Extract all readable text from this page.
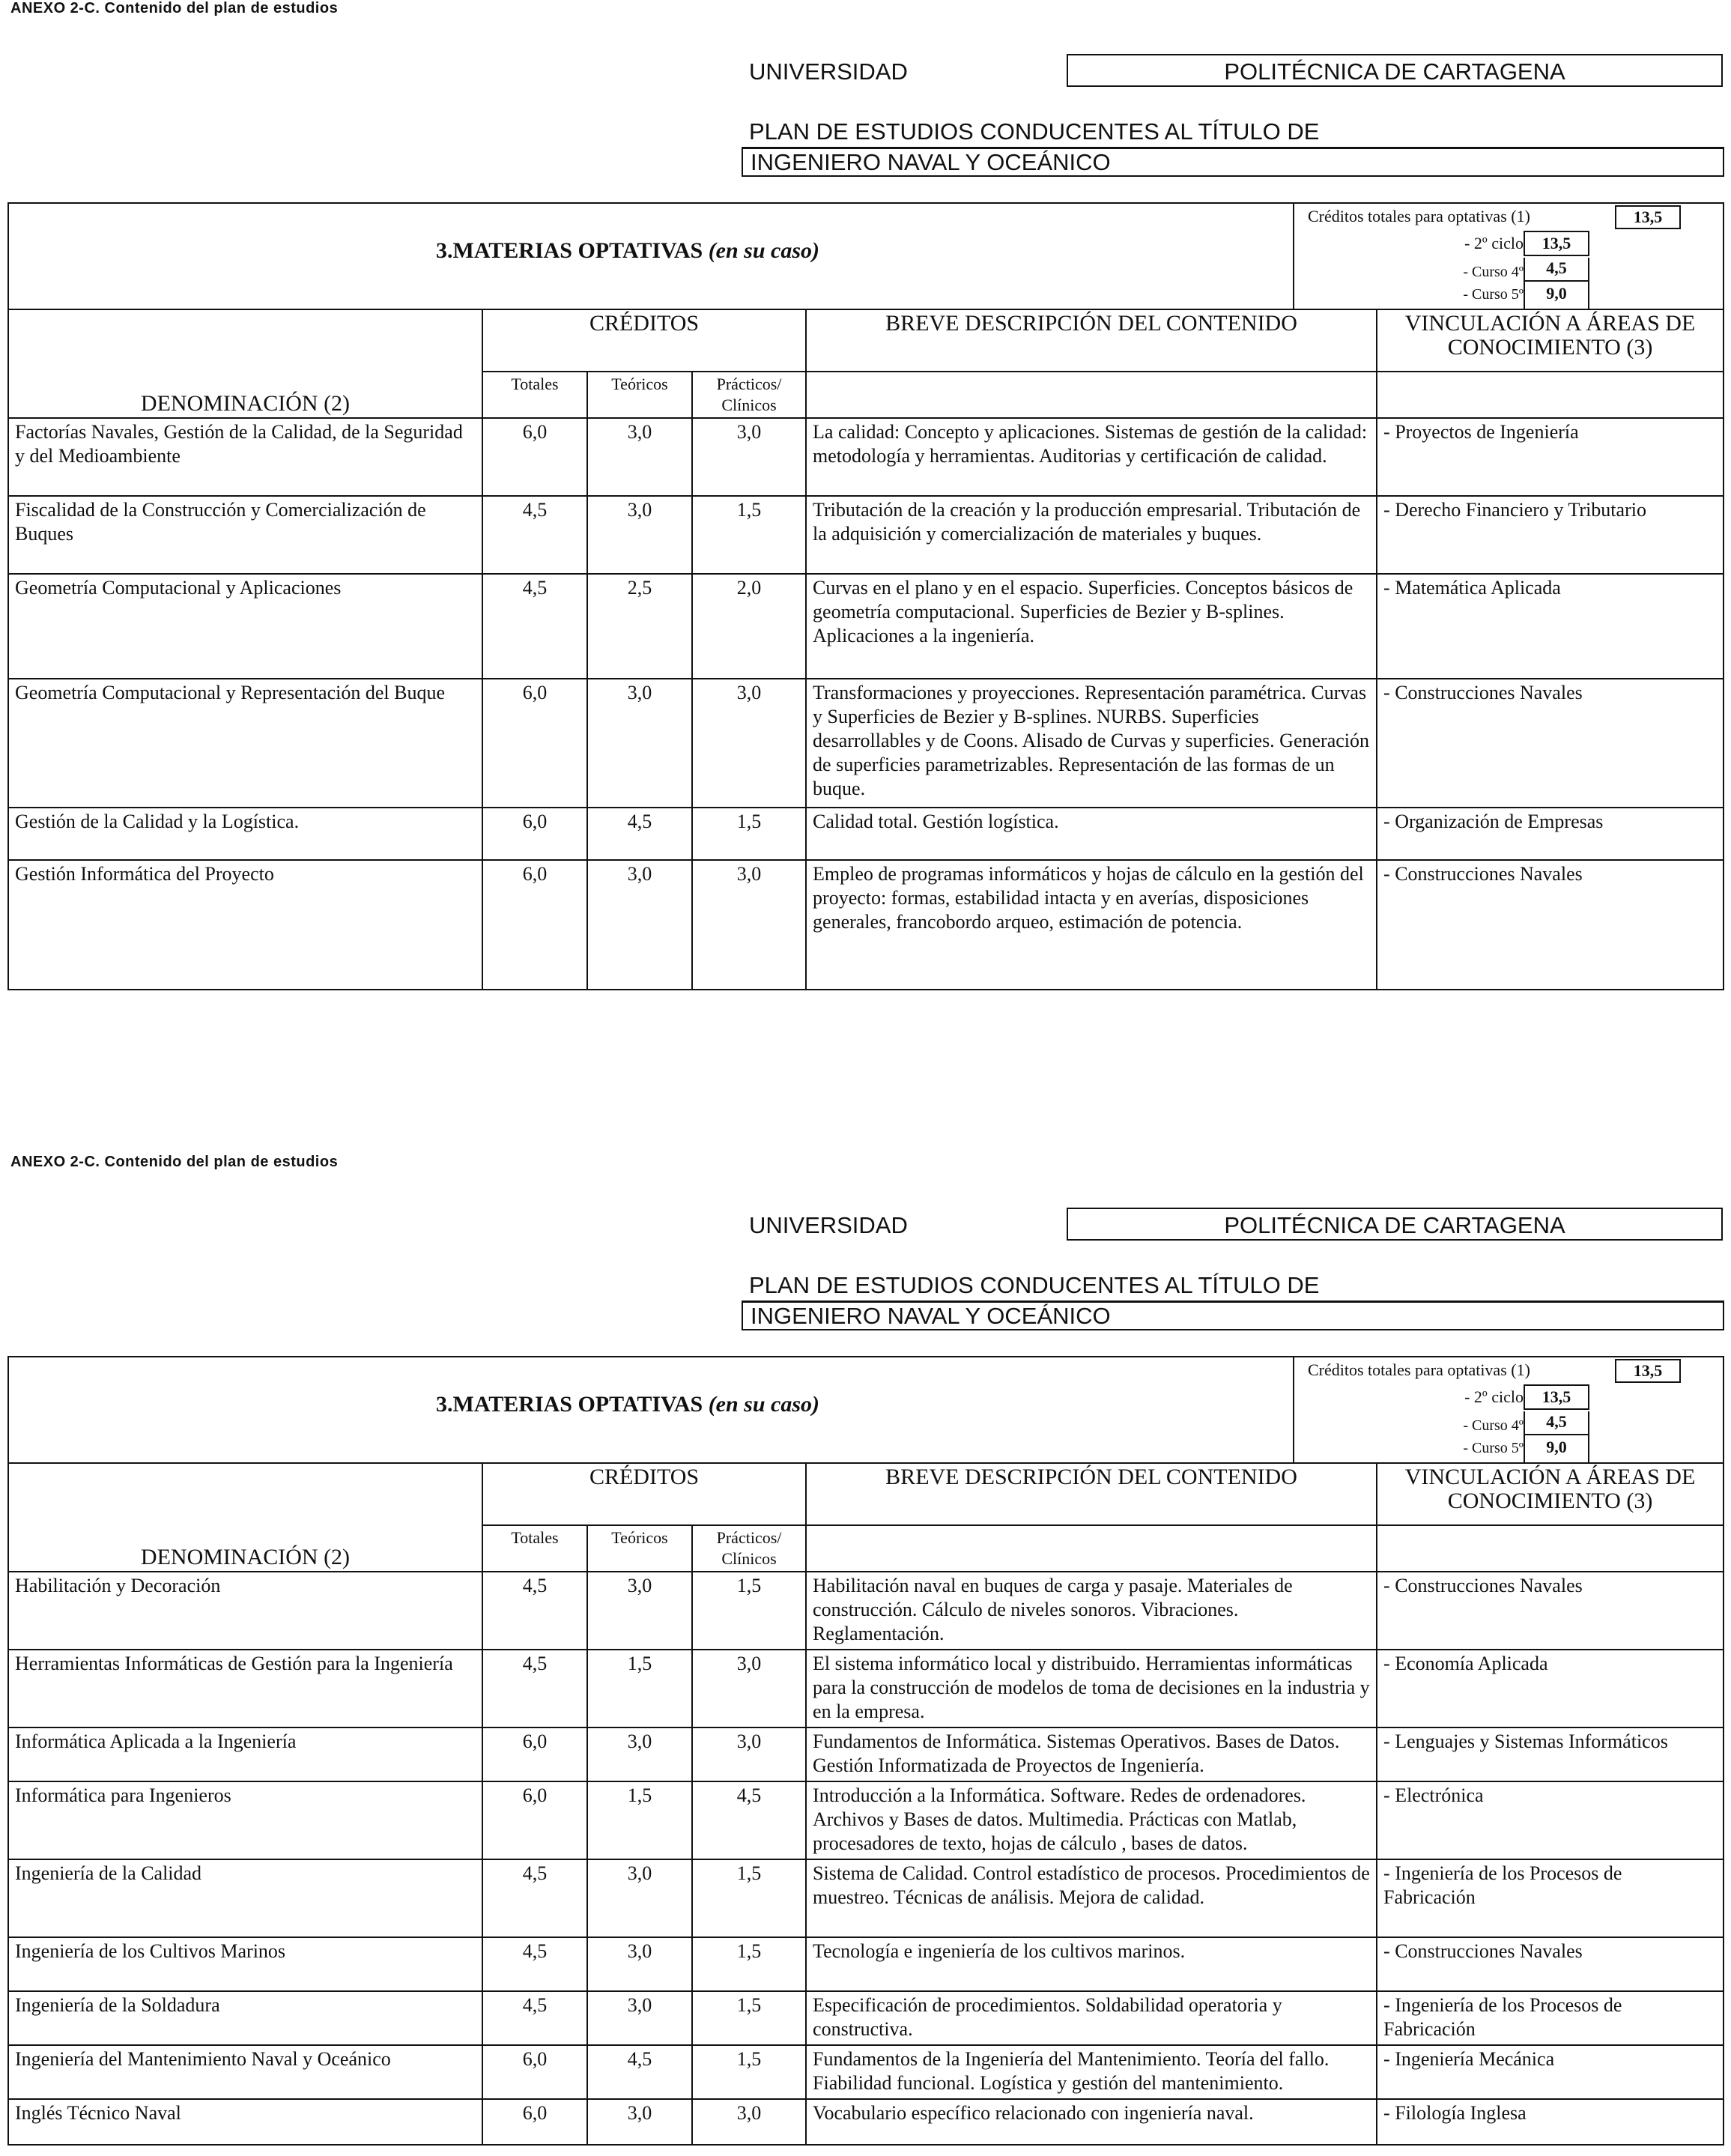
ANEXO 2-C. Contenido del plan de estudios
UNIVERSIDAD	POLITÉCNICA DE CARTAGENA
PLAN DE ESTUDIOS CONDUCENTES AL TÍTULO DE
INGENIERO NAVAL Y OCEÁNICO
3.MATERIAS OPTATIVAS (en su caso)
Créditos totales para optativas (1)	13,5
- 2º ciclo	13,5
- Curso 4º	4,5
- Curso 5º	9,0
DENOMINACIÓN (2)	CRÉDITOS			BREVE DESCRIPCIÓN DEL CONTENIDO	VINCULACIÓN A ÁREAS DE CONOCIMIENTO (3)
	Totales	Teóricos	Prácticos/ Clínicos		
Factorías Navales, Gestión de la Calidad, de la Seguridad y del Medioambiente	6,0	3,0	3,0	La calidad: Concepto y aplicaciones. Sistemas de gestión de la calidad: metodología y herramientas. Auditorias y certificación de calidad.	- Proyectos de Ingeniería
Fiscalidad de la Construcción y Comercialización de Buques	4,5	3,0	1,5	Tributación de la creación y la producción empresarial. Tributación de la adquisición y comercialización de materiales y buques.	- Derecho Financiero y Tributario
Geometría Computacional y Aplicaciones	4,5	2,5	2,0	Curvas en el plano y en el espacio. Superficies. Conceptos básicos de geometría computacional. Superficies de Bezier y B-splines. Aplicaciones a la ingeniería.	- Matemática Aplicada
Geometría Computacional y Representación del Buque	6,0	3,0	3,0	Transformaciones y proyecciones. Representación paramétrica. Curvas y Superficies de Bezier y B-splines. NURBS. Superficies desarrollables y de Coons. Alisado de Curvas y superficies. Generación de superficies parametrizables. Representación de las formas de un buque.	- Construcciones Navales
Gestión de la Calidad y la Logística.	6,0	4,5	1,5	Calidad total. Gestión logística.	- Organización de Empresas
Gestión Informática del Proyecto	6,0	3,0	3,0	Empleo de programas informáticos y hojas de cálculo en la gestión del proyecto: formas, estabilidad intacta y en averías, disposiciones generales, francobordo arqueo, estimación de potencia.	- Construcciones Navales
ANEXO 2-C. Contenido del plan de estudios
UNIVERSIDAD	POLITÉCNICA DE CARTAGENA
PLAN DE ESTUDIOS CONDUCENTES AL TÍTULO DE
INGENIERO NAVAL Y OCEÁNICO
3.MATERIAS OPTATIVAS (en su caso)
Créditos totales para optativas (1)	13,5
- 2º ciclo	13,5
- Curso 4º	4,5
- Curso 5º	9,0
DENOMINACIÓN (2)	CRÉDITOS			BREVE DESCRIPCIÓN DEL CONTENIDO	VINCULACIÓN A ÁREAS DE CONOCIMIENTO (3)
	Totales	Teóricos	Prácticos/ Clínicos		
Habilitación y Decoración	4,5	3,0	1,5	Habilitación naval en buques de carga y pasaje. Materiales de construcción. Cálculo de niveles sonoros. Vibraciones. Reglamentación.	- Construcciones Navales
Herramientas Informáticas de Gestión para la Ingeniería	4,5	1,5	3,0	El sistema informático local y distribuido. Herramientas informáticas para la construcción de modelos de toma de decisiones en la industria y en la empresa.	- Economía Aplicada
Informática Aplicada a la Ingeniería	6,0	3,0	3,0	Fundamentos de Informática. Sistemas Operativos. Bases de Datos. Gestión Informatizada de Proyectos de Ingeniería.	- Lenguajes y Sistemas Informáticos
Informática para Ingenieros	6,0	1,5	4,5	Introducción a la Informática. Software. Redes de ordenadores. Archivos y Bases de datos. Multimedia. Prácticas con Matlab, procesadores de texto, hojas de cálculo , bases de datos.	- Electrónica
Ingeniería de la Calidad	4,5	3,0	1,5	Sistema de Calidad. Control estadístico de procesos. Procedimientos de muestreo. Técnicas de análisis. Mejora de calidad.	- Ingeniería de los Procesos de Fabricación
Ingeniería de los Cultivos Marinos	4,5	3,0	1,5	Tecnología e ingeniería de los cultivos marinos.	- Construcciones Navales
Ingeniería de la Soldadura	4,5	3,0	1,5	Especificación de procedimientos. Soldabilidad operatoria y constructiva.	- Ingeniería de los Procesos de Fabricación
Ingeniería del Mantenimiento Naval y Oceánico	6,0	4,5	1,5	Fundamentos de la Ingeniería del Mantenimiento. Teoría del fallo. Fiabilidad funcional. Logística y gestión del mantenimiento.	- Ingeniería Mecánica
Inglés Técnico Naval	6,0	3,0	3,0	Vocabulario específico relacionado con ingeniería naval.	- Filología Inglesa
